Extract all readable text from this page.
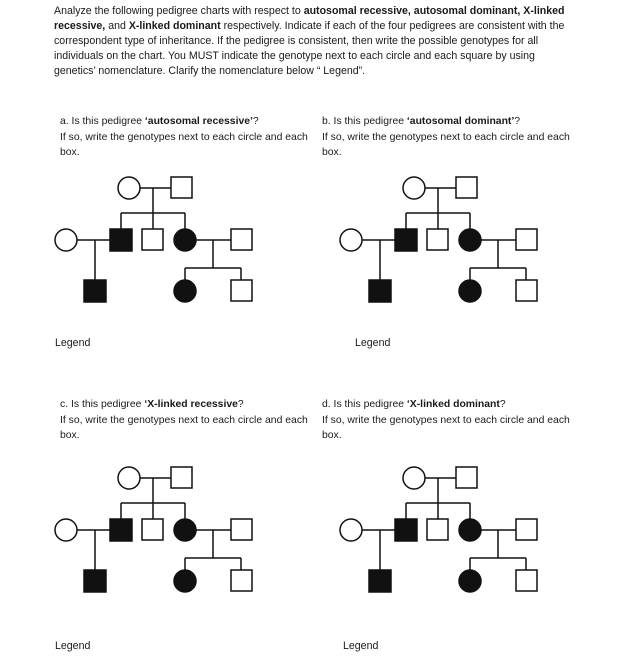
Analyze the following pedigree charts with respect to autosomal recessive, autosomal dominant, X-linked recessive, and X-linked dominant respectively. Indicate if each of the four pedigrees are consistent with the correspondent type of inheritance. If the pedigree is consistent, then write the possible genotypes for all individuals on the chart. You MUST indicate the genotype next to each circle and each square by using genetics’ nomenclature. Clarify the nomenclature below “ Legend”.
a. Is this pedigree ‘autosomal recessive’?
If so, write the genotypes next to each circle and each box.
b. Is this pedigree ‘autosomal dominant’?
If so, write the genotypes next to each circle and each box.
c. Is this pedigree ‘X-linked recessive?
If so, write the genotypes next to each circle and each box.
d. Is this pedigree ‘X-linked dominant?
If so, write the genotypes next to each circle and each box.
Legend	Legend
Legend	Legend
